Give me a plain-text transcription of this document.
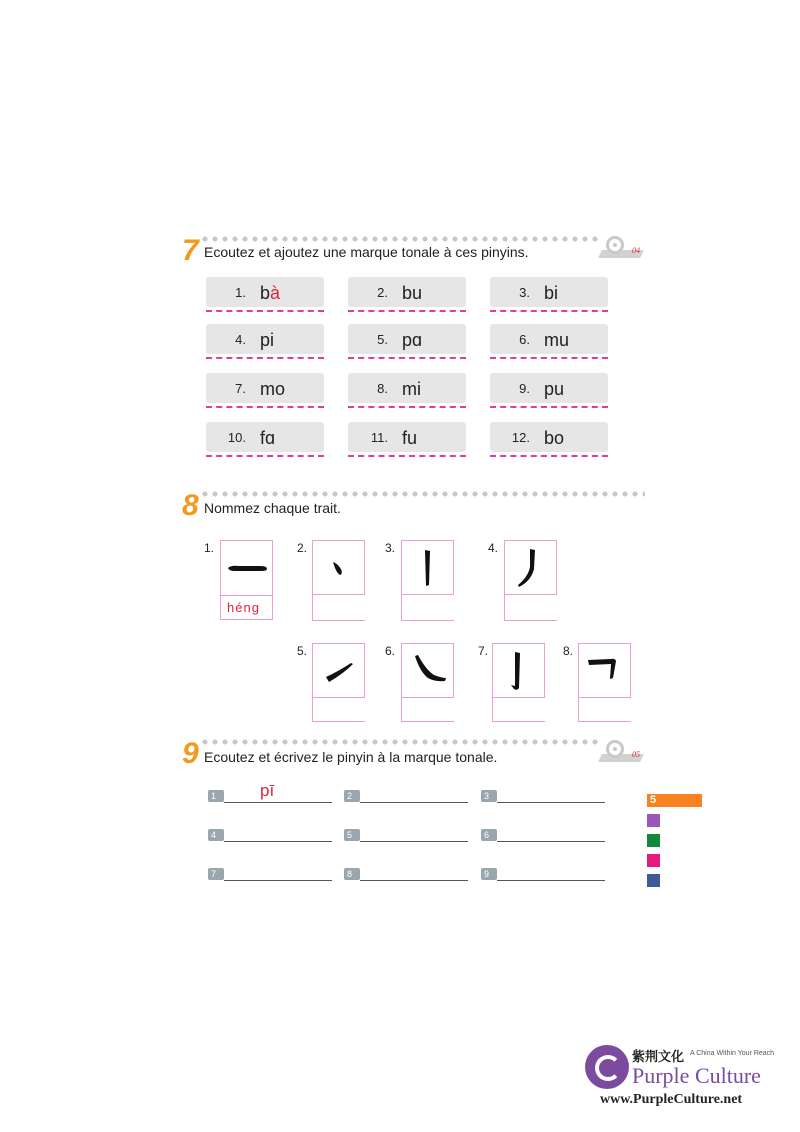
7	04
Ecoutez et ajoutez une marque tonale à ces pinyins.
1. bà	2. bu	3. bi
4. pi	5. pɑ	6. mu
7. mo	8. mi	9. pu
10. fɑ	11. fu	12. bo
8 Nommez chaque trait.
1.
héng
2.	3.	4.
5.	6.	7.	8.
9	05
Ecoutez et écrivez le pinyin à la marque tonale.
1	pī	2	3
4	5	6
7	8	9
5
紫荆文化 A China Within Your Reach
Purple Culture
www.PurpleCulture.net
